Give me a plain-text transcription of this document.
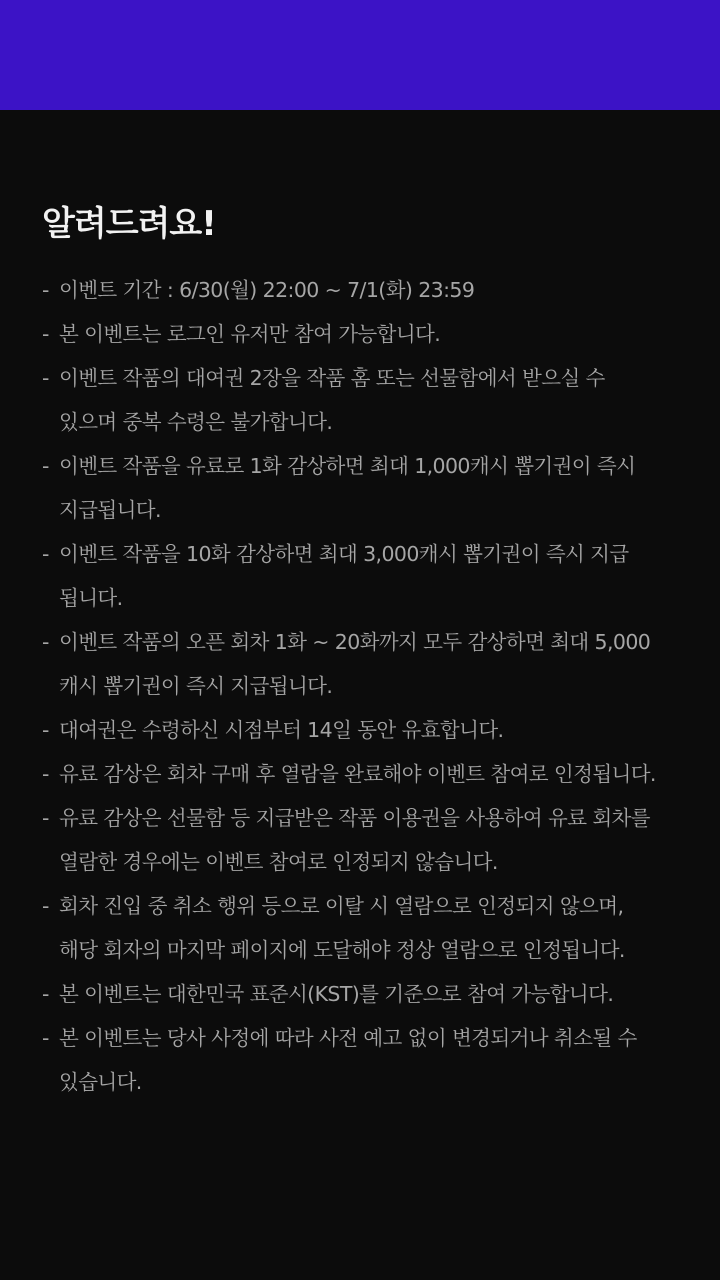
알려드려요!
- 이벤트 기간 : 6/30(월) 22:00 ~ 7/1(화) 23:59
- 본 이벤트는 로그인 유저만 참여 가능합니다.
- 이벤트 작품의 대여권 2장을 작품 홈 또는 선물함에서 받으실 수
있으며 중복 수령은 불가합니다.
- 이벤트 작품을 유료로 1화 감상하면 최대 1,000캐시 뽑기권이 즉시
지급됩니다.
- 이벤트 작품을 10화 감상하면 최대 3,000캐시 뽑기권이 즉시 지급
됩니다.
- 이벤트 작품의 오픈 회차 1화 ~ 20화까지 모두 감상하면 최대 5,000
캐시 뽑기권이 즉시 지급됩니다.
- 대여권은 수령하신 시점부터 14일 동안 유효합니다.
- 유료 감상은 회차 구매 후 열람을 완료해야 이벤트 참여로 인정됩니다.
- 유료 감상은 선물함 등 지급받은 작품 이용권을 사용하여 유료 회차를
열람한 경우에는 이벤트 참여로 인정되지 않습니다.
- 회차 진입 중 취소 행위 등으로 이탈 시 열람으로 인정되지 않으며,
해당 회자의 마지막 페이지에 도달해야 정상 열람으로 인정됩니다.
- 본 이벤트는 대한민국 표준시(KST)를 기준으로 참여 가능합니다.
- 본 이벤트는 당사 사정에 따라 사전 예고 없이 변경되거나 취소될 수
있습니다.
